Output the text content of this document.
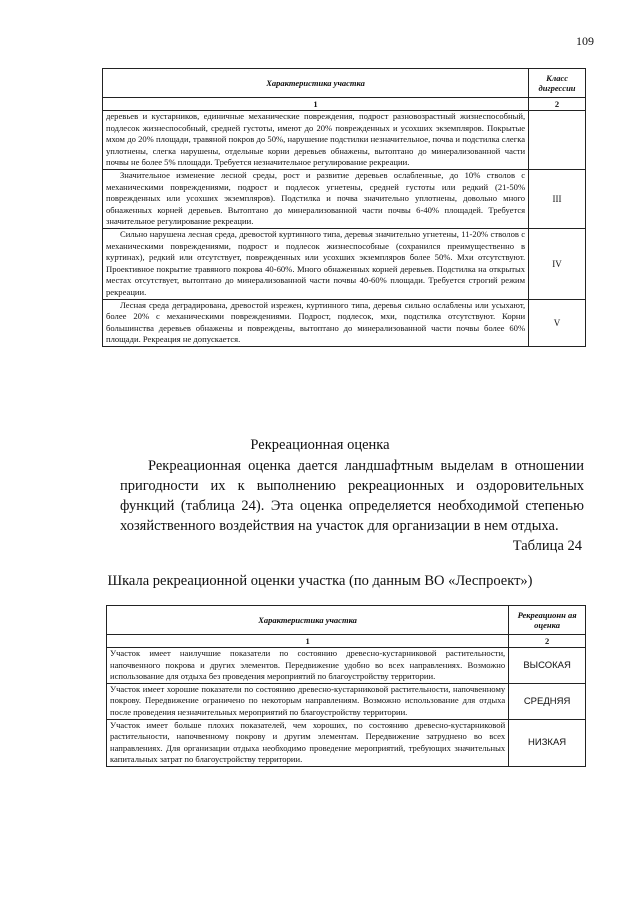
109
Характеристика участка	Класс дигрессии
1	2

деревьев и кустарников, единичные механические повреждения, подрост разновозрастный жизнеспособный, подлесок жизнеспособный, средней густоты, имеют до 20% поврежденных и усохших экземпляров. Покрытые мхом до 20% площади, травяной покров до 50%, нарушение подстилки незначительное, почва и подстилка слегка уплотнены, слегка нарушены, отдельные корни деревьев обнажены, вытоптано до минерализованной части почвы не более 5% площади. Требуется незначительное регулирование рекреации.	

Значительное изменение лесной среды, рост и развитие деревьев ослабленные, до 10% стволов с механическими повреждениями, подрост и подлесок угнетены, средней густоты или редкий (21-50% поврежденных или усохших экземпляров). Подстилка и почва значительно уплотнены, довольно много обнаженных корней деревьев. Вытоптано до минерализованной части почвы 6-40% площадей. Требуется значительное регулирование рекреации.	III

Сильно нарушена лесная среда, древостой куртинного типа, деревья значительно угнетены, 11-20% стволов с механическими повреждениями, подрост и подлесок жизнеспособные (сохранился преимущественно в куртинах), редкий или отсутствует, поврежденных или усохших экземпляров более 50%. Мхи отсутствуют. Проективное покрытие травяного покрова 40-60%. Много обнаженных корней деревьев. Подстилка на открытых местах отсутствует, вытоптано до минерализованной части почвы 40-60% площади. Требуется строгий режим рекреации.	IV

Лесная среда деградирована, древостой изрежен, куртинного типа, деревья сильно ослаблены или усыхают, более 20% с механическими повреждениями. Подрост, подлесок, мхи, подстилка отсутствуют. Корни большинства деревьев обнажены и повреждены, вытоптано до минерализованной части почвы более 60% площади. Рекреация не допускается.	V
Рекреационная оценка

Рекреационная оценка дается ландшафтным выделам в отношении пригодности их к выполнению рекреационных и оздоровительных функций (таблица 24). Эта оценка определяется необходимой степенью хозяйственного воздействия на участок для организации в нем отдыха.

Таблица 24
Шкала рекреационной оценки участка (по данным ВО «Леспроект»)
Характеристика участка	Рекреационн ая оценка
1	2

Участок имеет наилучшие показатели по состоянию древесно-кустарниковой растительности, напочвенного покрова и других элементов. Передвижение удобно во всех направлениях. Возможно использование для отдыха без проведения мероприятий по благоустройству территории.	ВЫСОКАЯ

Участок имеет хорошие показатели по состоянию древесно-кустарниковой растительности, напочвенному покрову. Передвижение ограничено по некоторым направлениям. Возможно использование для отдыха после проведения незначительных мероприятий по благоустройству территории.	СРЕДНЯЯ

Участок имеет больше плохих показателей, чем хороших, по состоянию древесно-кустарниковой растительности, напочвенному покрову и другим элементам. Передвижение затруднено во всех направлениях. Для организации отдыха необходимо проведение мероприятий, требующих значительных капитальных затрат по благоустройству территории.	НИЗКАЯ
